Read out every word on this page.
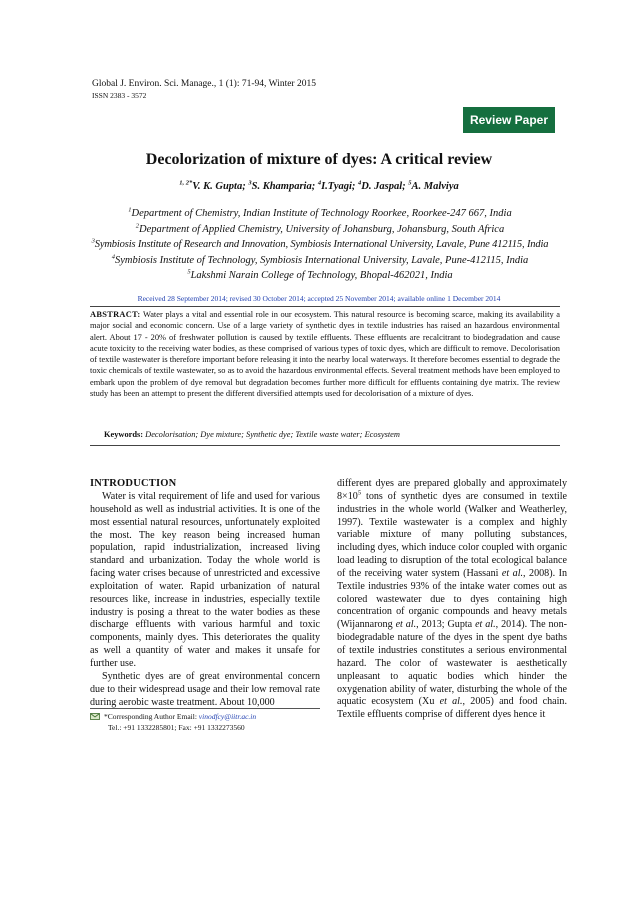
Global J. Environ. Sci. Manage., 1 (1): 71-94, Winter 2015
ISSN 2383 - 3572
Review Paper
Decolorization of mixture of dyes: A critical review
$^{1, 2*}$V. K. Gupta; $^3$S. Khamparia; $^4$I.Tyagi; $^4$D. Jaspal; $^5$A. Malviya
$^1$Department of Chemistry, Indian Institute of Technology Roorkee, Roorkee-247 667, India
$^2$Department of Applied Chemistry, University of Johansburg, Johansburg, South Africa
$^3$Symbiosis Institute of Research and Innovation, Symbiosis International University, Lavale, Pune 412115, India
$^4$Symbiosis Institute of Technology, Symbiosis International University, Lavale, Pune-412115, India
$^5$Lakshmi Narain College of Technology, Bhopal-462021, India
Received 28 September 2014; revised 30 October 2014; accepted 25 November 2014; available online 1 December 2014
ABSTRACT: Water plays a vital and essential role in our ecosystem. This natural resource is becoming scarce, making its availability a major social and economic concern. Use of a large variety of synthetic dyes in textile industries has raised an hazardous environmental alert. About 17 - 20% of freshwater pollution is caused by textile effluents. These effluents are recalcitrant to biodegradation and cause acute toxicity to the receiving water bodies, as these comprised of various types of toxic dyes, which are difficult to remove. Decolorisation of textile wastewater is therefore important before releasing it into the nearby local waterways. It therefore becomes essential to degrade the toxic chemicals of textile wastewater, so as to avoid the hazardous environmental effects. Several treatment methods have been employed to embark upon the problem of dye removal but degradation becomes further more difficult for effluents containing dye matrix. The review study has been an attempt to present the different diversified attempts used for decolorisation of a mixture of dyes.
Keywords: Decolorisation; Dye mixture; Synthetic dye; Textile waste water; Ecosystem
INTRODUCTION

Water is vital requirement of life and used for various household as well as industrial activities. It is one of the most essential natural resources, unfortunately exploited the most. The key reason being increased human population, rapid industrialization, increased living standard and urbanization. Today the whole world is facing water crises because of unrestricted and excessive exploitation of water. Rapid urbanization of natural resources like, increase in industries, especially textile industry is posing a threat to the water bodies as these discharge effluents with various harmful and toxic components, mainly dyes. This deteriorates the quality as well a quantity of water and makes it unsafe for further use.

Synthetic dyes are of great environmental concern due to their widespread usage and their low removal rate during aerobic waste treatment. About 10,000

different dyes are prepared globally and approximately $8\times 10^5$ tons of synthetic dyes are consumed in textile industries in the whole world (Walker and Weatherley, 1997). Textile wastewater is a complex and highly variable mixture of many polluting substances, including dyes, which induce color coupled with organic load leading to disruption of the total ecological balance of the receiving water system (Hassani et al., 2008). In Textile industries 93% of the intake water comes out as colored wastewater due to dyes containing high concentration of organic compounds and heavy metals (Wijannarong et al., 2013; Gupta et al., 2014). The non-biodegradable nature of the dyes in the spent dye baths of textile industries constitutes a serious environmental hazard. The color of wastewater is aesthetically unpleasant to aquatic bodies which hinder the oxygenation ability of water, disturbing the whole of the aquatic ecosystem (Xu et al., 2005) and food chain. Textile effluents comprise of different dyes hence it

*Corresponding Author Email: vinodfcy@iitr.ac.in
Tel.: +91 1332285801; Fax: +91 1332273560
